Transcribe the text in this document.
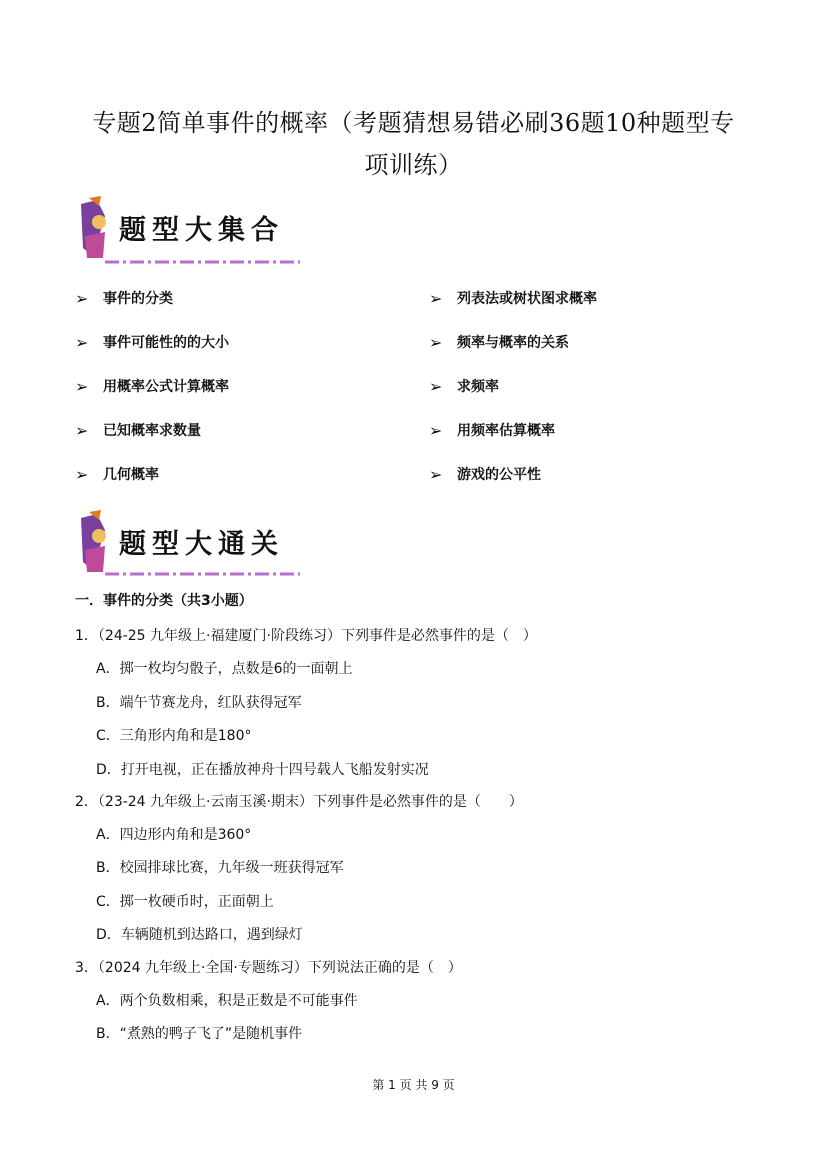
专题2简单事件的概率（考题猜想易错必刷36题10种题型专
项训练）
题型大集合
➢ 事件的分类
➢ 事件可能性的的大小
➢ 用概率公式计算概率
➢ 已知概率求数量
➢ 几何概率
➢ 列表法或树状图求概率
➢ 频率与概率的关系
➢ 求频率
➢ 用频率估算概率
➢ 游戏的公平性
题型大通关
一．事件的分类（共3小题）
1．（24-25 九年级上·福建厦门·阶段练习）下列事件是必然事件的是（　）
A．掷一枚均匀骰子，点数是6的一面朝上
B．端午节赛龙舟，红队获得冠军
C．三角形内角和是180°
D．打开电视，正在播放神舟十四号载人飞船发射实况
2．（23-24 九年级上·云南玉溪·期末）下列事件是必然事件的是（　　）
A．四边形内角和是360°
B．校园排球比赛，九年级一班获得冠军
C．掷一枚硬币时，正面朝上
D．车辆随机到达路口，遇到绿灯
3．（2024 九年级上·全国·专题练习）下列说法正确的是（　）
A．两个负数相乘，积是正数是不可能事件
B．“煮熟的鸭子飞了”是随机事件
第 1 页 共 9 页
